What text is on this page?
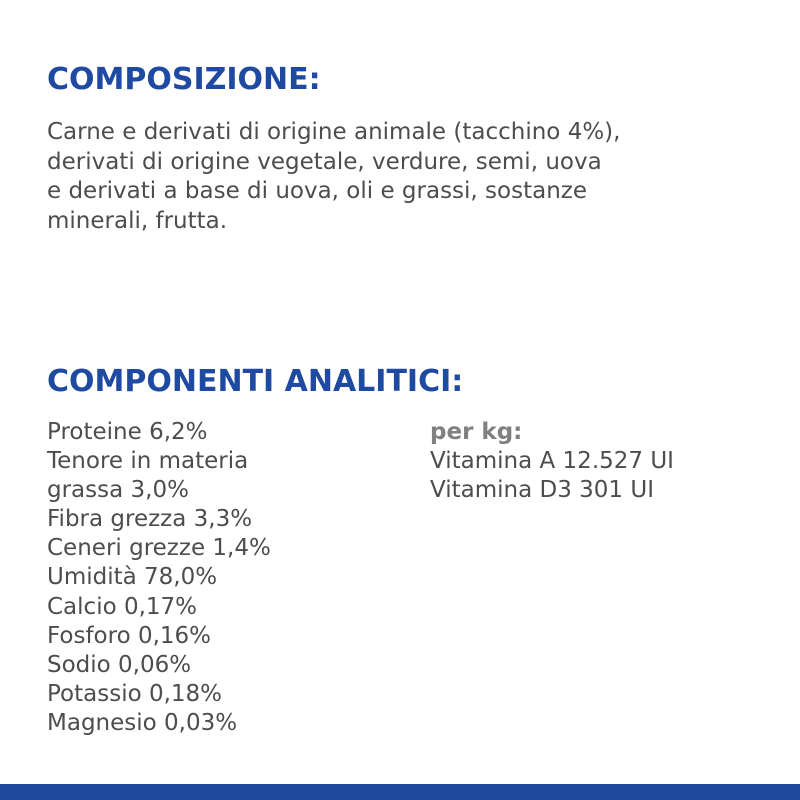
COMPOSIZIONE:

Carne e derivati di origine animale (tacchino 4%),
derivati di origine vegetale, verdure, semi, uova
e derivati a base di uova, oli e grassi, sostanze
minerali, frutta.

COMPONENTI ANALITICI:
Proteine 6,2%
Tenore in materia
grassa 3,0%
Fibra grezza 3,3%
Ceneri grezze 1,4%
Umidità 78,0%
Calcio 0,17%
Fosforo 0,16%
Sodio 0,06%
Potassio 0,18%
Magnesio 0,03%
per kg:
Vitamina A 12.527 UI
Vitamina D3 301 UI
